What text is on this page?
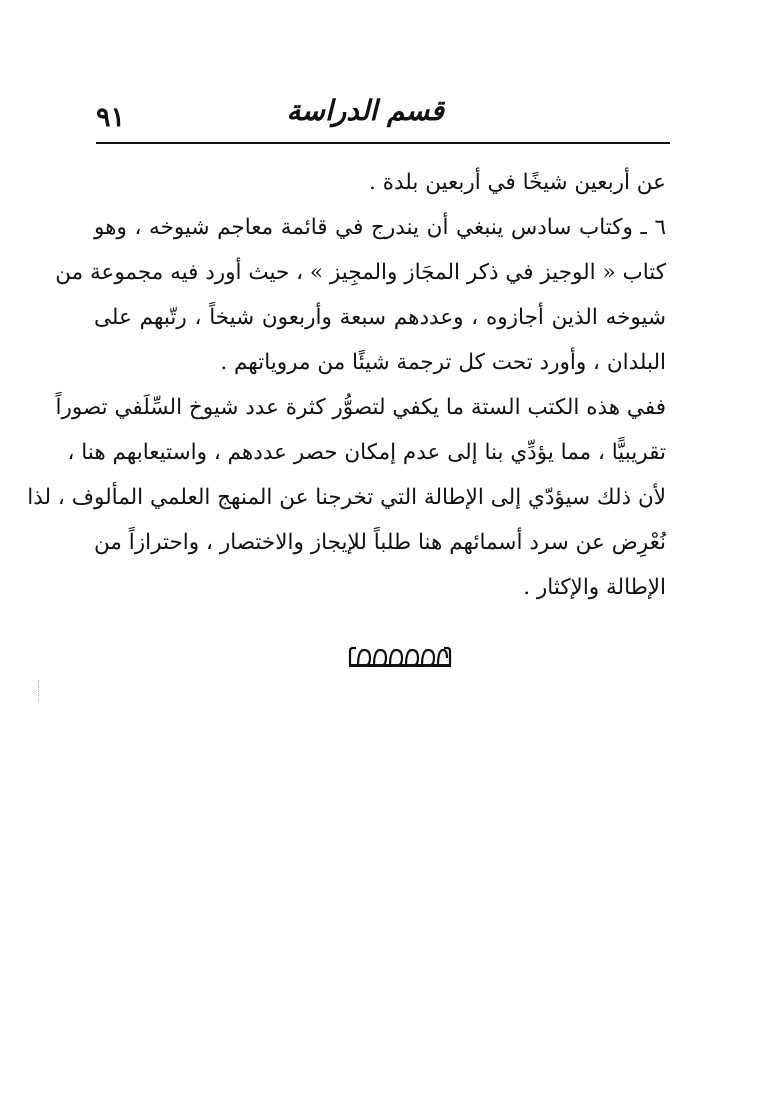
٩١	قسم الدراسة
عن أربعين شيخًا في أربعين بلدة .
٦ ـ وكتاب سادس ينبغي أن يندرج في قائمة معاجم شيوخه ، وهو
كتاب « الوجيز في ذكر المجَاز والمجِيز » ، حيث أورد فيه مجموعة من
شيوخه الذين أجازوه ، وعددهم سبعة وأربعون شيخاً ، رتّبهم على
البلدان ، وأورد تحت كل ترجمة شيئًا من مروياتهم .
ففي هذه الكتب الستة ما يكفي لتصوُّر كثرة عدد شيوخ السِّلَفي تصوراً
تقريبيًّا ، مما يؤدِّي بنا إلى عدم إمكان حصر عددهم ، واستيعابهم هنا ،
لأن ذلك سيؤدّي إلى الإطالة التي تخرجنا عن المنهج العلمي المألوف ، لذا
نُعْرِض عن سرد أسمائهم هنا طلباً للإيجاز والاختصار ، واحترازاً من
الإطالة والإكثار .
